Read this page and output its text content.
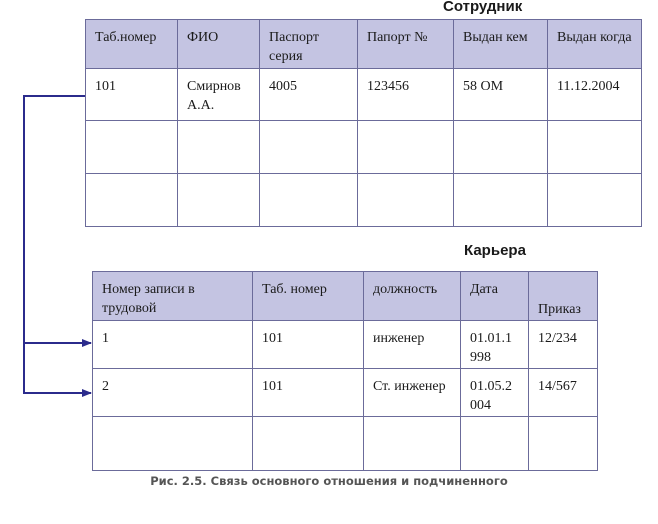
Сотрудник
Таб.номер	ФИО	Паспорт серия	Папорт №	Выдан кем	Выдан когда

101	Смирнов А.А.	4005	123456	58 ОМ	11.12.2004

Карьера
Номер записи в трудовой	Таб. номер	должность	Дата	Приказ

1	101	инженер	01.01.1 998	12/234

2	101	Ст. инженер	01.05.2 004	14/567

Рис. 2.5. Связь основного отношения и подчиненного
